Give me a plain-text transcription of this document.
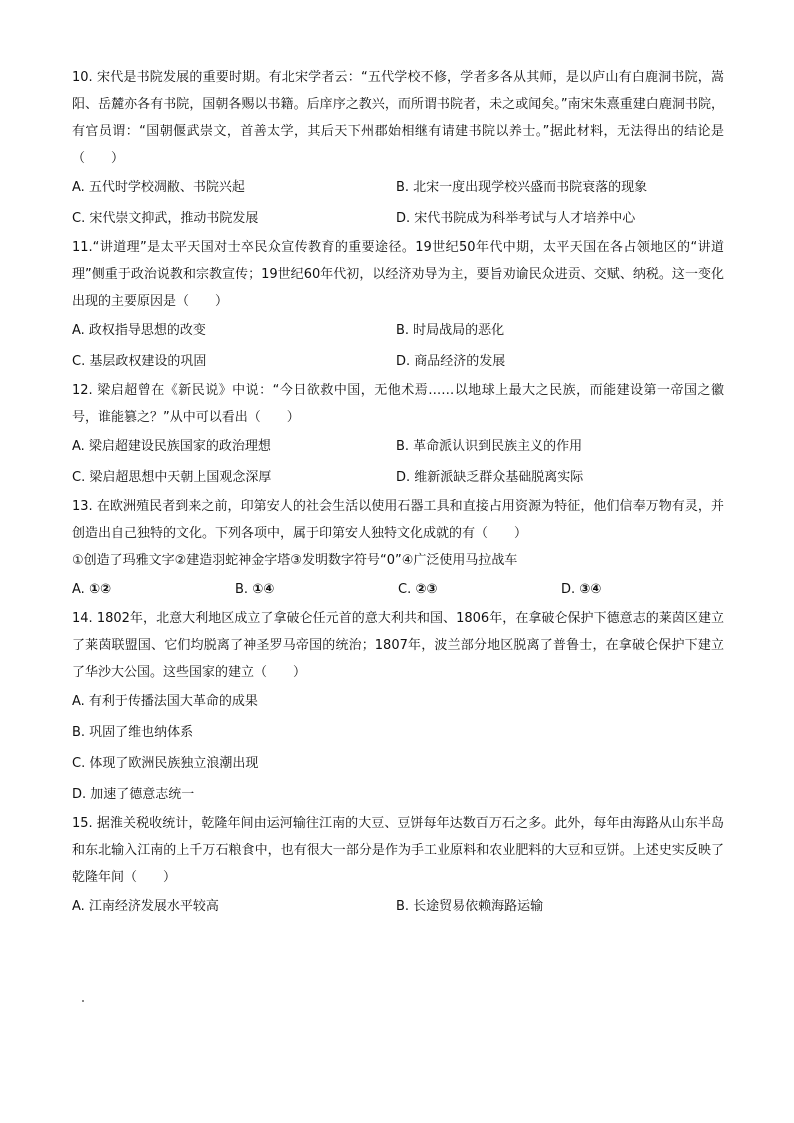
10. 宋代是书院发展的重要时期。有北宋学者云：“五代学校不修，学者多各从其师，是以庐山有白鹿洞书院，嵩阳、岳麓亦各有书院，国朝各赐以书籍。后庠序之教兴，而所谓书院者，未之或闻矣。”南宋朱熹重建白鹿洞书院，有官员谓：“国朝偃武崇文，首善太学，其后天下州郡始相继有请建书院以养士。”据此材料，无法得出的结论是（　　）

A. 五代时学校凋敝、书院兴起	B. 北宋一度出现学校兴盛而书院衰落的现象
C. 宋代崇文抑武，推动书院发展	D. 宋代书院成为科举考试与人才培养中心

11.“讲道理”是太平天国对士卒民众宣传教育的重要途径。19世纪50年代中期，太平天国在各占领地区的“讲道理”侧重于政治说教和宗教宣传；19世纪60年代初，以经济劝导为主，要旨劝谕民众进贡、交赋、纳税。这一变化出现的主要原因是（　　）

A. 政权指导思想的改变	B. 时局战局的恶化
C. 基层政权建设的巩固	D. 商品经济的发展

12. 梁启超曾在《新民说》中说：“今日欲救中国，无他术焉……以地球上最大之民族，而能建设第一帝国之徽号，谁能篡之？”从中可以看出（　　）

A. 梁启超建设民族国家的政治理想	B. 革命派认识到民族主义的作用
C. 梁启超思想中天朝上国观念深厚	D. 维新派缺乏群众基础脱离实际

13. 在欧洲殖民者到来之前，印第安人的社会生活以使用石器工具和直接占用资源为特征，他们信奉万物有灵，并创造出自己独特的文化。下列各项中，属于印第安人独特文化成就的有（　　）

①创造了玛雅文字②建造羽蛇神金字塔③发明数字符号“0”④广泛使用马拉战车

A. ①②	B. ①④	C. ②③	D. ③④

14. 1802年，北意大利地区成立了拿破仑任元首的意大利共和国、1806年，在拿破仑保护下德意志的莱茵区建立了莱茵联盟国、它们均脱离了神圣罗马帝国的统治；1807年，波兰部分地区脱离了普鲁士，在拿破仑保护下建立了华沙大公国。这些国家的建立（　　）

A. 有利于传播法国大革命的成果
B. 巩固了维也纳体系
C. 体现了欧洲民族独立浪潮出现
D. 加速了德意志统一

15. 据淮关税收统计，乾隆年间由运河输往江南的大豆、豆饼每年达数百万石之多。此外，每年由海路从山东半岛和东北输入江南的上千万石粮食中，也有很大一部分是作为手工业原料和农业肥料的大豆和豆饼。上述史实反映了乾隆年间（　　）

A. 江南经济发展水平较高	B. 长途贸易依赖海路运输
